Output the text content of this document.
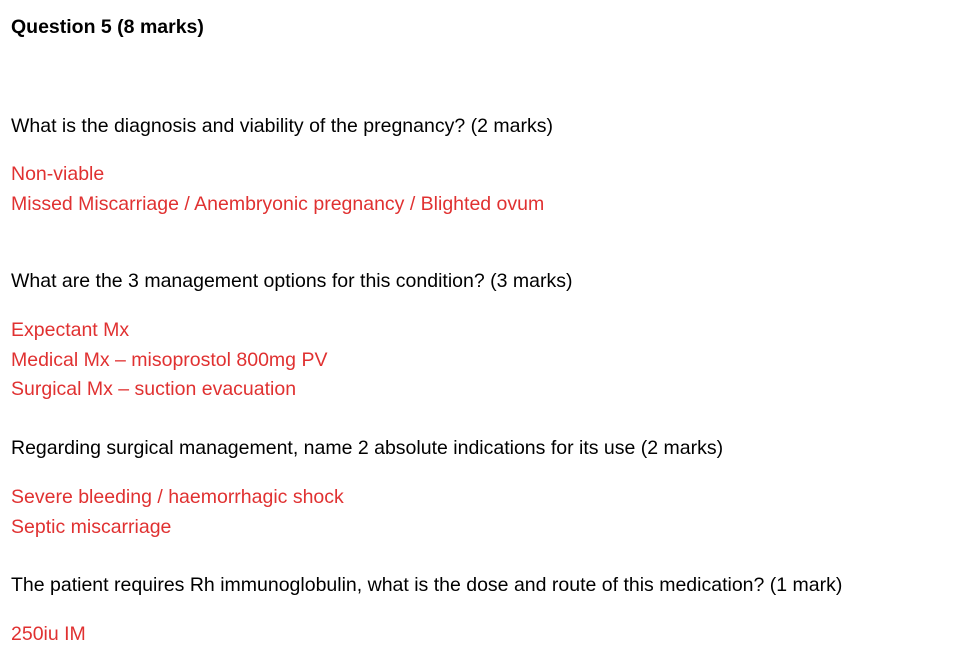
Question 5 (8 marks)
What is the diagnosis and viability of the pregnancy? (2 marks)
Non-viable
Missed Miscarriage / Anembryonic pregnancy / Blighted ovum
What are the 3 management options for this condition? (3 marks)
Expectant Mx
Medical Mx – misoprostol 800mg PV
Surgical Mx – suction evacuation
Regarding surgical management, name 2 absolute indications for its use (2 marks)
Severe bleeding / haemorrhagic shock
Septic miscarriage
The patient requires Rh immunoglobulin, what is the dose and route of this medication? (1 mark)
250iu IM
